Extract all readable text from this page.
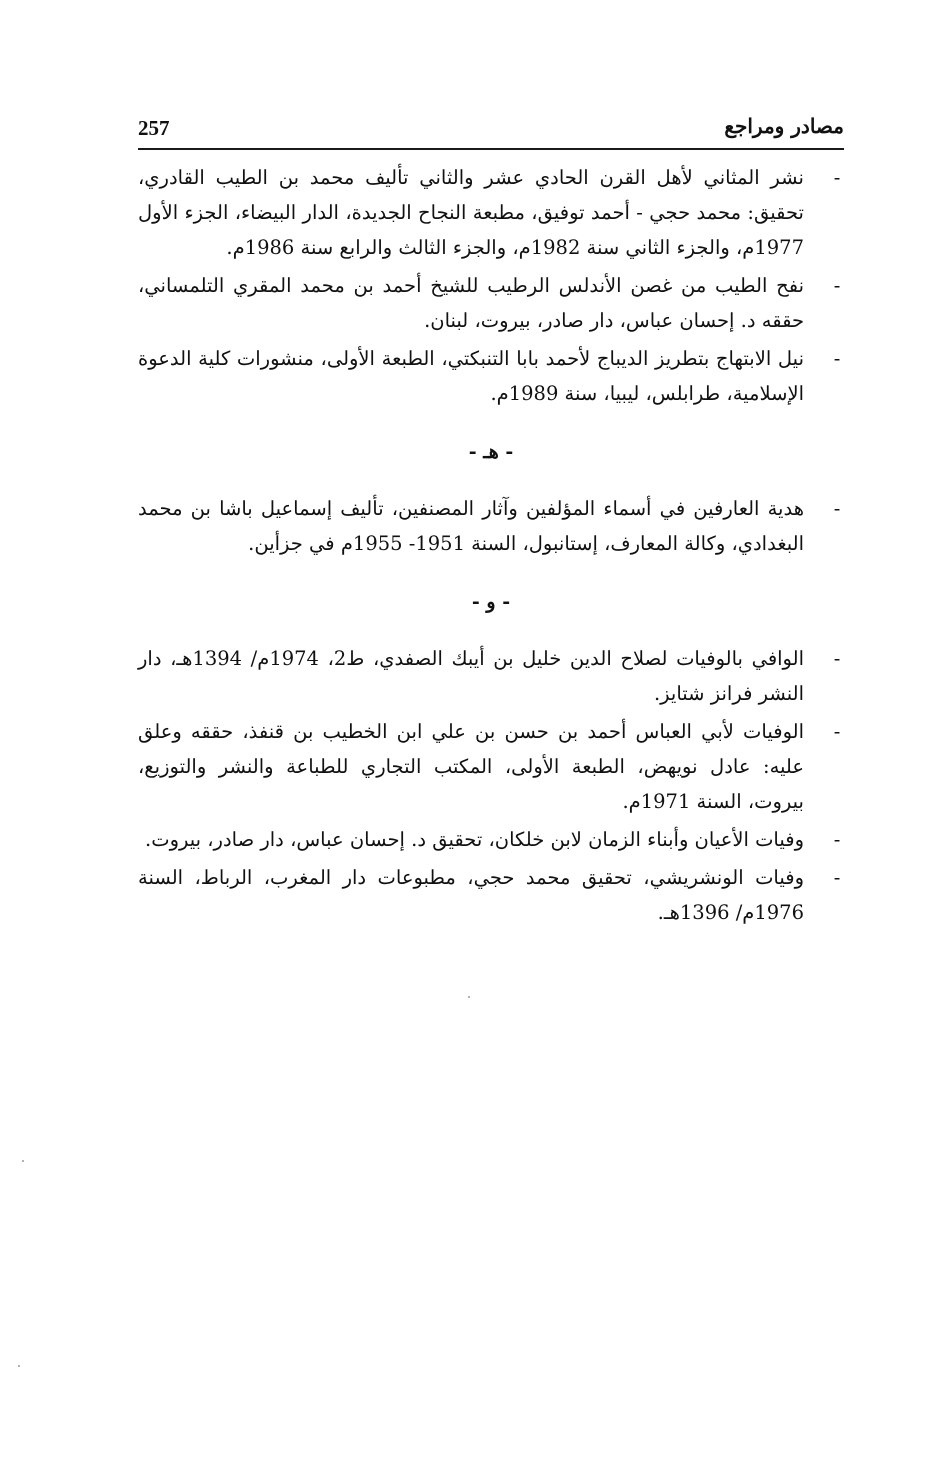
257	مصادر ومراجع
-
نشر المثاني لأهل القرن الحادي عشر والثاني تأليف محمد بن الطيب القادري، تحقيق: محمد حجي - أحمد توفيق، مطبعة النجاح الجديدة، الدار البيضاء، الجزء الأول 1977م، والجزء الثاني سنة 1982م، والجزء الثالث والرابع سنة 1986م.
-
نفح الطيب من غصن الأندلس الرطيب للشيخ أحمد بن محمد المقري التلمساني، حققه د. إحسان عباس، دار صادر، بيروت، لبنان.
-
نيل الابتهاج بتطريز الديباج لأحمد بابا التنبكتي، الطبعة الأولى، منشورات كلية الدعوة الإسلامية، طرابلس، ليبيا، سنة 1989م.
- هـ -
-
هدية العارفين في أسماء المؤلفين وآثار المصنفين، تأليف إسماعيل باشا بن محمد البغدادي، وكالة المعارف، إستانبول، السنة 1951- 1955م في جزأين.
- و -
-
الوافي بالوفيات لصلاح الدين خليل بن أيبك الصفدي، ط2، 1974م/ 1394هـ، دار النشر فرانز شتايز.
-
الوفيات لأبي العباس أحمد بن حسن بن علي ابن الخطيب بن قنفذ، حققه وعلق عليه: عادل نويهض، الطبعة الأولى، المكتب التجاري للطباعة والنشر والتوزيع، بيروت، السنة 1971م.
-
وفيات الأعيان وأبناء الزمان لابن خلكان، تحقيق د. إحسان عباس، دار صادر، بيروت.
-
وفيات الونشريشي، تحقيق محمد حجي، مطبوعات دار المغرب، الرباط، السنة 1976م/ 1396هـ.
